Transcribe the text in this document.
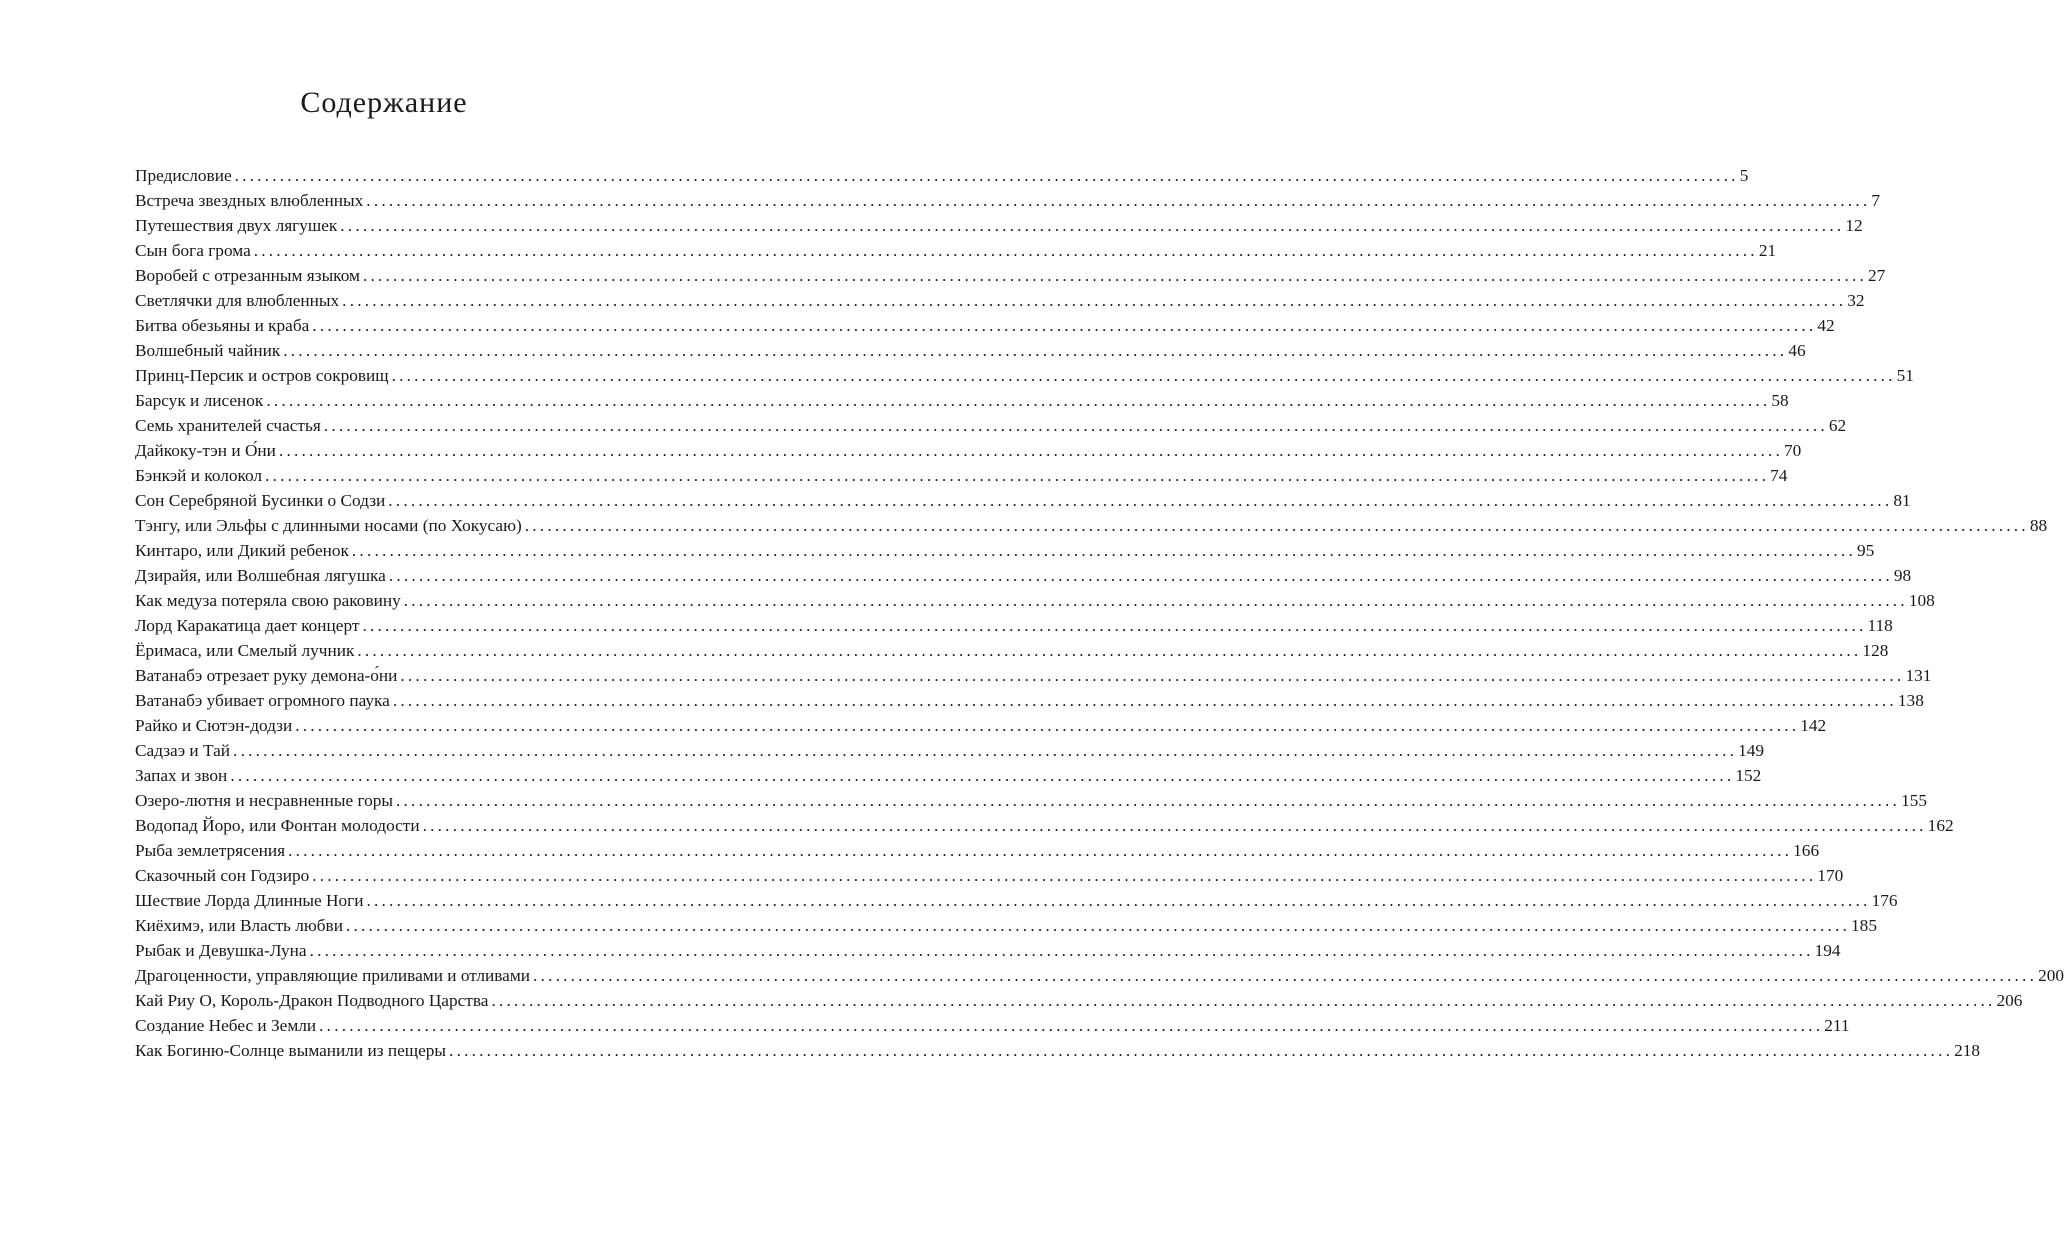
Содержание
Предисловие ........................................................................................................................................................................................................ 5
Встреча звездных влюбленных ........................................................................................................................................................................................................ 7
Путешествия двух лягушек ........................................................................................................................................................................................................ 12
Сын бога грома ........................................................................................................................................................................................................ 21
Воробей с отрезанным языком ........................................................................................................................................................................................................ 27
Светлячки для влюбленных ........................................................................................................................................................................................................ 32
Битва обезьяны и краба ........................................................................................................................................................................................................ 42
Волшебный чайник ........................................................................................................................................................................................................ 46
Принц-Персик и остров сокровищ ........................................................................................................................................................................................................ 51
Барсук и лисенок ........................................................................................................................................................................................................ 58
Семь хранителей счастья ........................................................................................................................................................................................................ 62
Дайкоку-тэн и О́ни ........................................................................................................................................................................................................ 70
Бэнкэй и колокол ........................................................................................................................................................................................................ 74
Сон Серебряной Бусинки о Содзи ........................................................................................................................................................................................................ 81
Тэнгу, или Эльфы с длинными носами (по Хокусаю) ........................................................................................................................................................................................................ 88
Кинтаро, или Дикий ребенок ........................................................................................................................................................................................................ 95
Дзирайя, или Волшебная лягушка ........................................................................................................................................................................................................ 98
Как медуза потеряла свою раковину ........................................................................................................................................................................................................ 108
Лорд Каракатица дает концерт ........................................................................................................................................................................................................ 118
Ёримаса, или Смелый лучник ........................................................................................................................................................................................................ 128
Ватанабэ отрезает руку демона-о́ни ........................................................................................................................................................................................................ 131
Ватанабэ убивает огромного паука ........................................................................................................................................................................................................ 138
Райко и Сютэн-додзи ........................................................................................................................................................................................................ 142
Садзаэ и Тай ........................................................................................................................................................................................................ 149
Запах и звон ........................................................................................................................................................................................................ 152
Озеро-лютня и несравненные горы ........................................................................................................................................................................................................ 155
Водопад Йоро, или Фонтан молодости ........................................................................................................................................................................................................ 162
Рыба землетрясения ........................................................................................................................................................................................................ 166
Сказочный сон Годзиро ........................................................................................................................................................................................................ 170
Шествие Лорда Длинные Ноги ........................................................................................................................................................................................................ 176
Киёхимэ, или Власть любви ........................................................................................................................................................................................................ 185
Рыбак и Девушка-Луна ........................................................................................................................................................................................................ 194
Драгоценности, управляющие приливами и отливами ........................................................................................................................................................................................................ 200
Кай Риу О, Король-Дракон Подводного Царства ........................................................................................................................................................................................................ 206
Создание Небес и Земли ........................................................................................................................................................................................................ 211
Как Богиню-Солнце выманили из пещеры ........................................................................................................................................................................................................ 218
